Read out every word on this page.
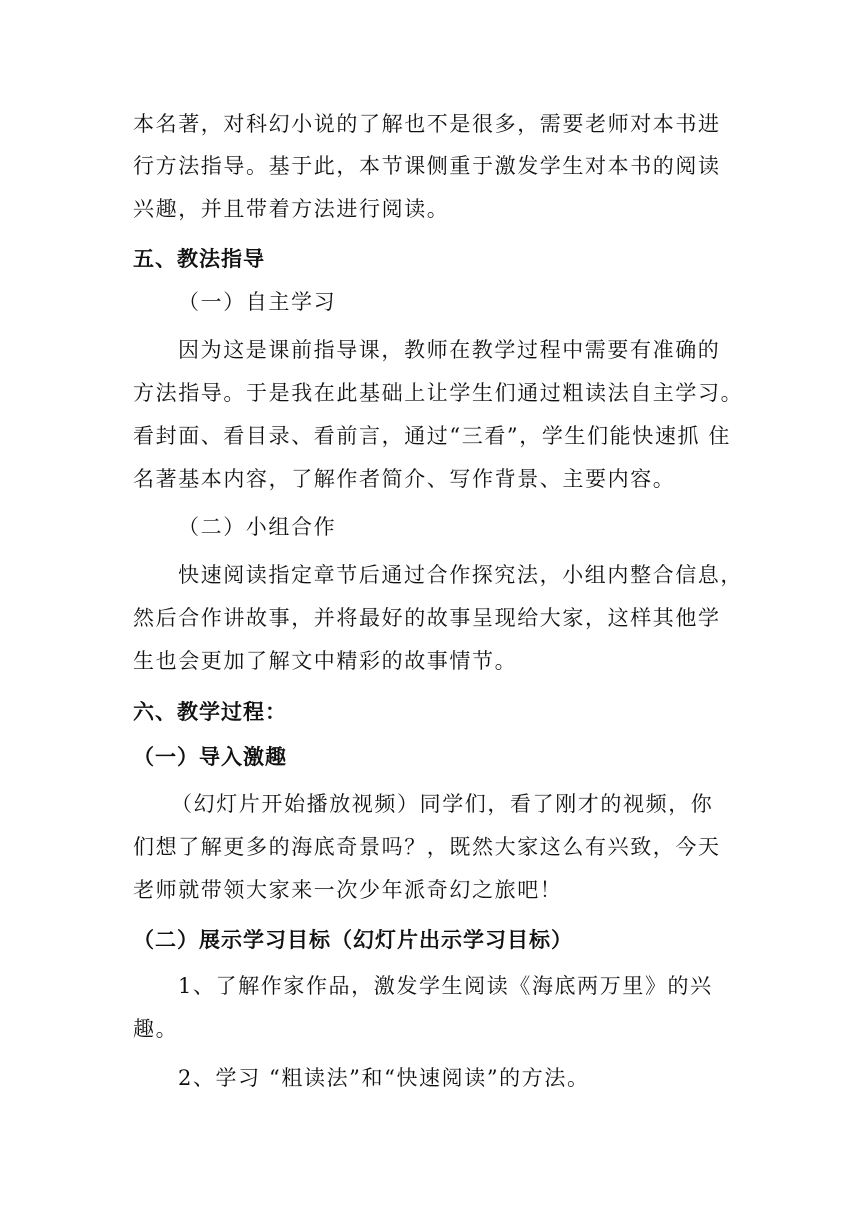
本名著，对科幻小说的了解也不是很多，需要老师对本书进
行方法指导。基于此，本节课侧重于激发学生对本书的阅读
兴趣，并且带着方法进行阅读。
五、教法指导
（一）自主学习
因为这是课前指导课，教师在教学过程中需要有准确的
方法指导。于是我在此基础上让学生们通过粗读法自主学习。
看封面、看目录、看前言，通过“三看”，学生们能快速抓 住
名著基本内容，了解作者简介、写作背景、主要内容。
（二）小组合作
快速阅读指定章节后通过合作探究法，小组内整合信息，
然后合作讲故事，并将最好的故事呈现给大家，这样其他学
生也会更加了解文中精彩的故事情节。
六、教学过程：
（一）导入激趣
（幻灯片开始播放视频）同学们，看了刚才的视频，你
们想了解更多的海底奇景吗？，既然大家这么有兴致，今天
老师就带领大家来一次少年派奇幻之旅吧！
（二）展示学习目标（幻灯片出示学习目标）
1、了解作家作品，激发学生阅读《海底两万里》的兴
趣。
2、学习 “粗读法”和“快速阅读”的方法。
